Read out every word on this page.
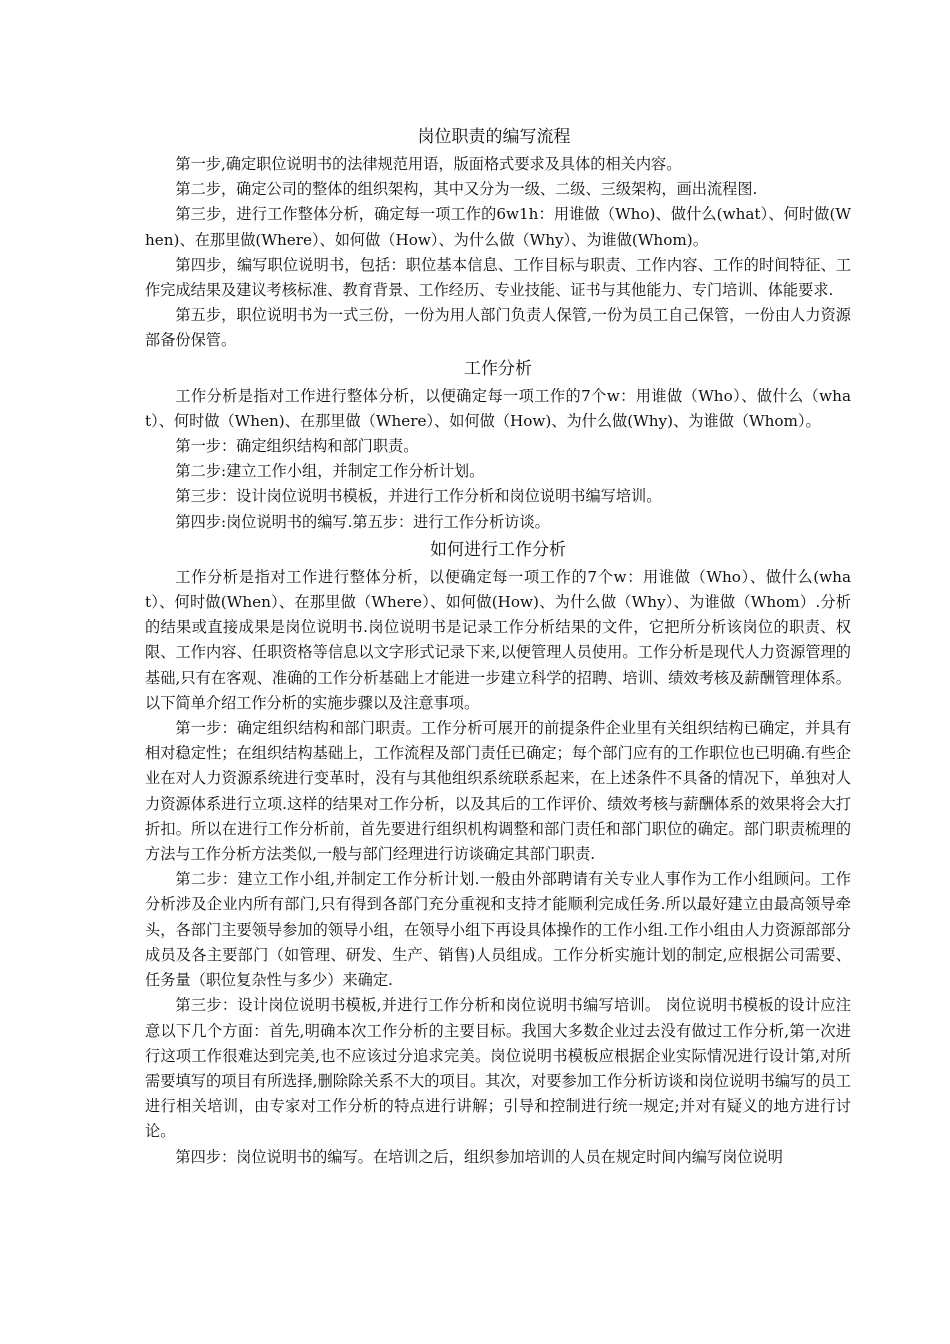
岗位职责的编写流程

第一步,确定职位说明书的法律规范用语，版面格式要求及具体的相关内容。

第二步，确定公司的整体的组织架构，其中又分为一级、二级、三级架构，画出流程图.

第三步，进行工作整体分析，确定每一项工作的6w1h：用谁做（Who)、做什么(what）、何时做(When)、在那里做(Where）、如何做（How）、为什么做（Why）、为谁做(Whom)。

第四步，编写职位说明书，包括：职位基本信息、工作目标与职责、工作内容、工作的时间特征、工作完成结果及建议考核标准、教育背景、工作经历、专业技能、证书与其他能力、专门培训、体能要求.

第五步，职位说明书为一式三份，一份为用人部门负责人保管,一份为员工自己保管，一份由人力资源部备份保管。

工作分析

工作分析是指对工作进行整体分析，以便确定每一项工作的7个w：用谁做（Who）、做什么（what）、何时做（When)、在那里做（Where）、如何做（How)、为什么做(Why)、为谁做（Whom）。

第一步：确定组织结构和部门职责。

第二步:建立工作小组，并制定工作分析计划。

第三步：设计岗位说明书模板，并进行工作分析和岗位说明书编写培训。

第四步:岗位说明书的编写.第五步：进行工作分析访谈。

如何进行工作分析

工作分析是指对工作进行整体分析，以便确定每一项工作的7个w：用谁做（Who）、做什么(what）、何时做(When）、在那里做（Where）、如何做(How)、为什么做（Why）、为谁做（Whom）.分析的结果或直接成果是岗位说明书.岗位说明书是记录工作分析结果的文件，它把所分析该岗位的职责、权限、工作内容、任职资格等信息以文字形式记录下来,以便管理人员使用。工作分析是现代人力资源管理的基础,只有在客观、准确的工作分析基础上才能进一步建立科学的招聘、培训、绩效考核及薪酬管理体系。以下简单介绍工作分析的实施步骤以及注意事项。

第一步：确定组织结构和部门职责。工作分析可展开的前提条件企业里有关组织结构已确定，并具有相对稳定性；在组织结构基础上，工作流程及部门责任已确定；每个部门应有的工作职位也已明确.有些企业在对人力资源系统进行变革时，没有与其他组织系统联系起来，在上述条件不具备的情况下，单独对人力资源体系进行立项.这样的结果对工作分析，以及其后的工作评价、绩效考核与薪酬体系的效果将会大打折扣。所以在进行工作分析前，首先要进行组织机构调整和部门责任和部门职位的确定。部门职责梳理的方法与工作分析方法类似,一般与部门经理进行访谈确定其部门职责.

第二步：建立工作小组,并制定工作分析计划.一般由外部聘请有关专业人事作为工作小组顾问。工作分析涉及企业内所有部门,只有得到各部门充分重视和支持才能顺利完成任务.所以最好建立由最高领导牵头，各部门主要领导参加的领导小组，在领导小组下再设具体操作的工作小组.工作小组由人力资源部部分成员及各主要部门（如管理、研发、生产、销售)人员组成。工作分析实施计划的制定,应根据公司需要、任务量（职位复杂性与多少）来确定.

第三步：设计岗位说明书模板,并进行工作分析和岗位说明书编写培训。 岗位说明书模板的设计应注意以下几个方面：首先,明确本次工作分析的主要目标。我国大多数企业过去没有做过工作分析,第一次进行这项工作很难达到完美,也不应该过分追求完美。岗位说明书模板应根据企业实际情况进行设计第,对所需要填写的项目有所选择,删除除关系不大的项目。其次，对要参加工作分析访谈和岗位说明书编写的员工进行相关培训，由专家对工作分析的特点进行讲解；引导和控制进行统一规定;并对有疑义的地方进行讨论。

第四步：岗位说明书的编写。在培训之后，组织参加培训的人员在规定时间内编写岗位说明
